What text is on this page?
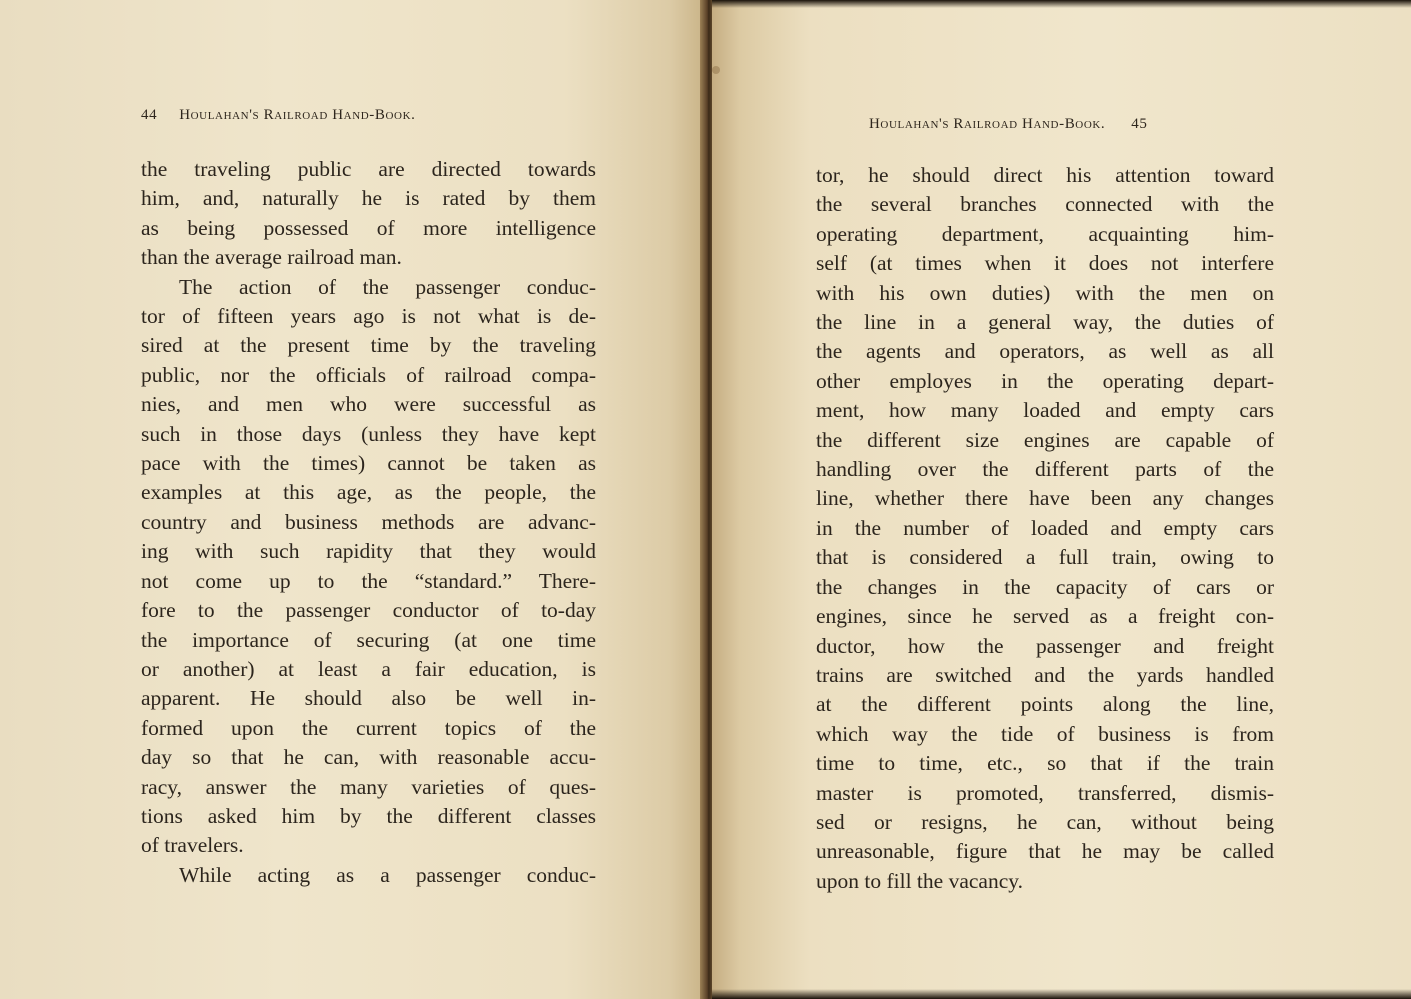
44 Houlahan's Railroad Hand-Book.
the traveling public are directed towards
him, and, naturally he is rated by them
as being possessed of more intelligence
than the average railroad man.
The action of the passenger conduc-
tor of fifteen years ago is not what is de-
sired at the present time by the traveling
public, nor the officials of railroad compa-
nies, and men who were successful as
such in those days (unless they have kept
pace with the times) cannot be taken as
examples at this age, as the people, the
country and business methods are advanc-
ing with such rapidity that they would
not come up to the “standard.” There-
fore to the passenger conductor of to-day
the importance of securing (at one time
or another) at least a fair education, is
apparent. He should also be well in-
formed upon the current topics of the
day so that he can, with reasonable accu-
racy, answer the many varieties of ques-
tions asked him by the different classes
of travelers.
While acting as a passenger conduc-
Houlahan's Railroad Hand-Book. 45
tor, he should direct his attention toward
the several branches connected with the
operating department, acquainting him-
self (at times when it does not interfere
with his own duties) with the men on
the line in a general way, the duties of
the agents and operators, as well as all
other employes in the operating depart-
ment, how many loaded and empty cars
the different size engines are capable of
handling over the different parts of the
line, whether there have been any changes
in the number of loaded and empty cars
that is considered a full train, owing to
the changes in the capacity of cars or
engines, since he served as a freight con-
ductor, how the passenger and freight
trains are switched and the yards handled
at the different points along the line,
which way the tide of business is from
time to time, etc., so that if the train
master is promoted, transferred, dismis-
sed or resigns, he can, without being
unreasonable, figure that he may be called
upon to fill the vacancy.
